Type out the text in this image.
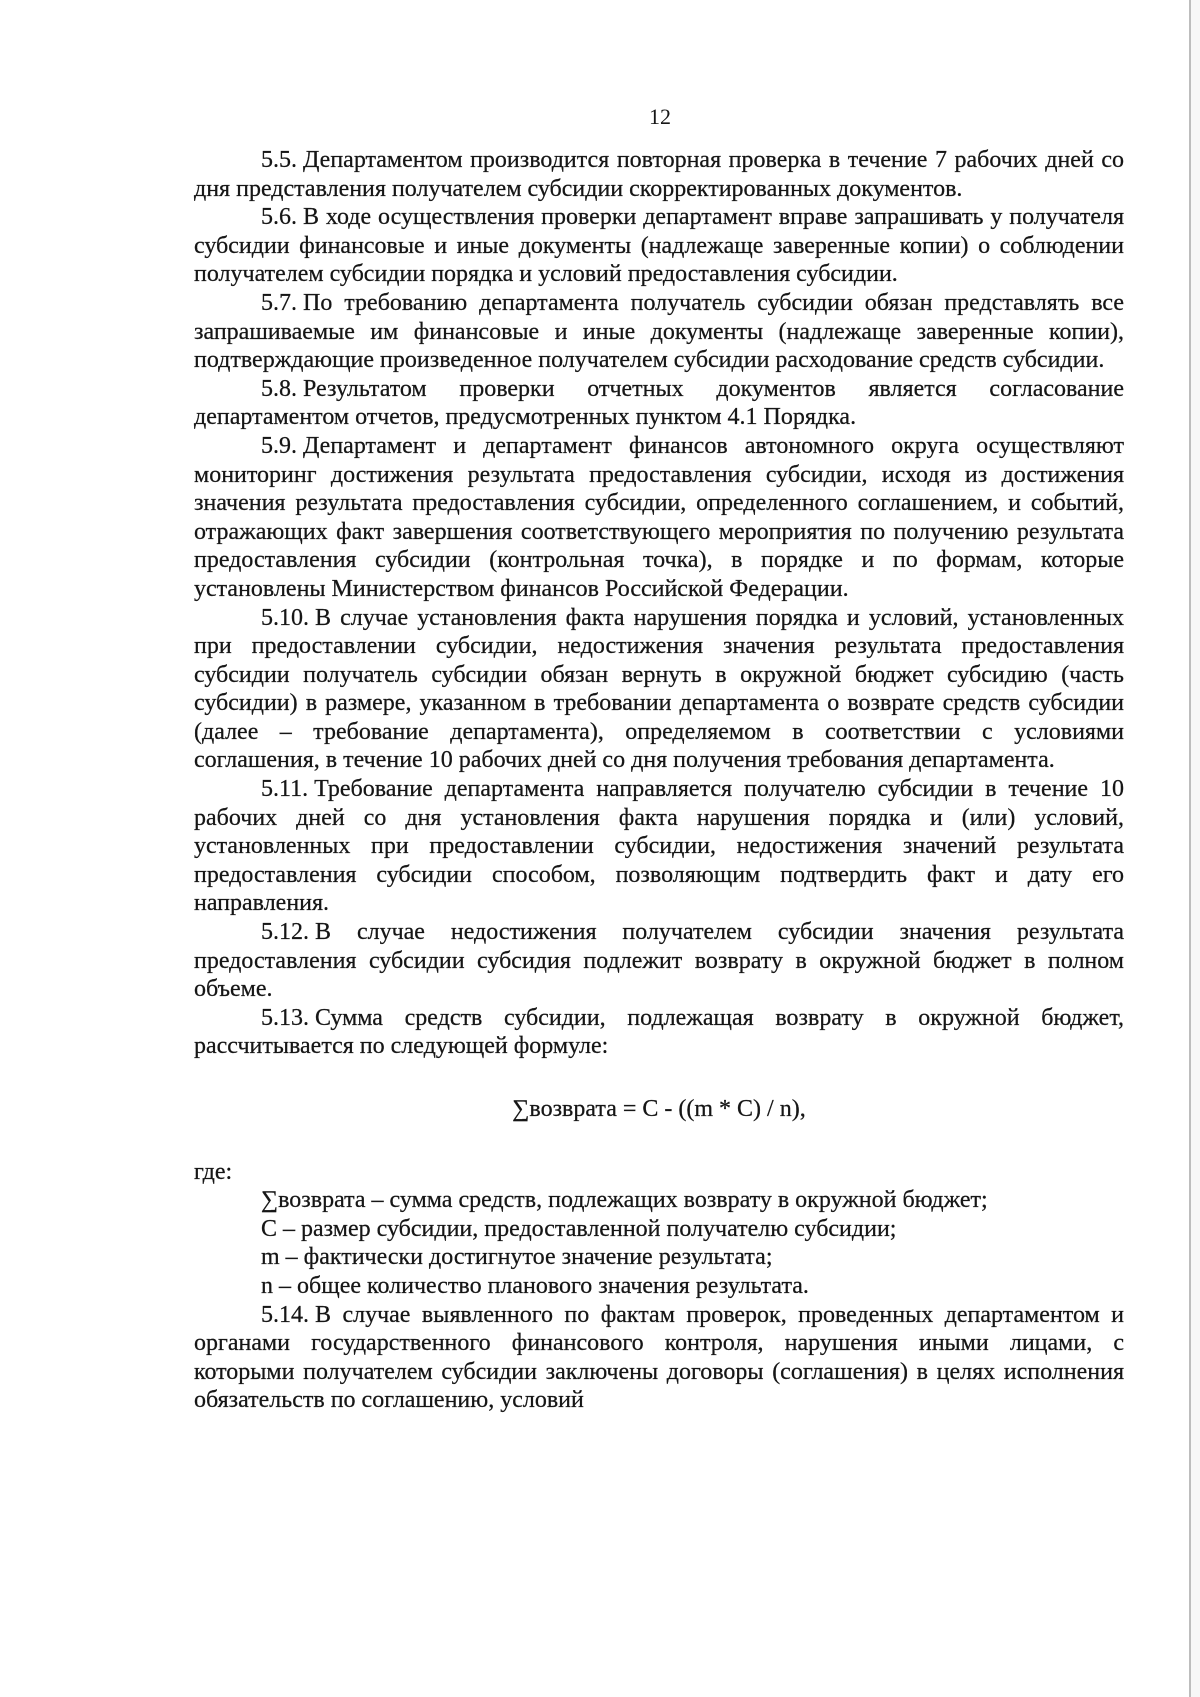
12

5.5. Департаментом производится повторная проверка в течение 7 рабочих дней со дня представления получателем субсидии скорректированных документов.

5.6. В ходе осуществления проверки департамент вправе запрашивать у получателя субсидии финансовые и иные документы (надлежаще заверенные копии) о соблюдении получателем субсидии порядка и условий предоставления субсидии.

5.7. По требованию департамента получатель субсидии обязан представлять все запрашиваемые им финансовые и иные документы (надлежаще заверенные копии), подтверждающие произведенное получателем субсидии расходование средств субсидии.

5.8. Результатом проверки отчетных документов является согласование департаментом отчетов, предусмотренных пунктом 4.1 Порядка.

5.9. Департамент и департамент финансов автономного округа осуществляют мониторинг достижения результата предоставления субсидии, исходя из достижения значения результата предоставления субсидии, определенного соглашением, и событий, отражающих факт завершения соответствующего мероприятия по получению результата предоставления субсидии (контрольная точка), в порядке и по формам, которые установлены Министерством финансов Российской Федерации.

5.10. В случае установления факта нарушения порядка и условий, установленных при предоставлении субсидии, недостижения значения результата предоставления субсидии получатель субсидии обязан вернуть в окружной бюджет субсидию (часть субсидии) в размере, указанном в требовании департамента о возврате средств субсидии (далее – требование департамента), определяемом в соответствии с условиями соглашения, в течение 10 рабочих дней со дня получения требования департамента.

5.11. Требование департамента направляется получателю субсидии в течение 10 рабочих дней со дня установления факта нарушения порядка и (или) условий, установленных при предоставлении субсидии, недостижения значений результата предоставления субсидии способом, позволяющим подтвердить факт и дату его направления.

5.12. В случае недостижения получателем субсидии значения результата предоставления субсидии субсидия подлежит возврату в окружной бюджет в полном объеме.

5.13. Сумма средств субсидии, подлежащая возврату в окружной бюджет, рассчитывается по следующей формуле:

∑возврата = C - ((m * C) / n),

где:

∑возврата – сумма средств, подлежащих возврату в окружной бюджет;

C – размер субсидии, предоставленной получателю субсидии;

m – фактически достигнутое значение результата;

n – общее количество планового значения результата.

5.14. В случае выявленного по фактам проверок, проведенных департаментом и органами государственного финансового контроля, нарушения иными лицами, с которыми получателем субсидии заключены договоры (соглашения) в целях исполнения обязательств по соглашению, условий
